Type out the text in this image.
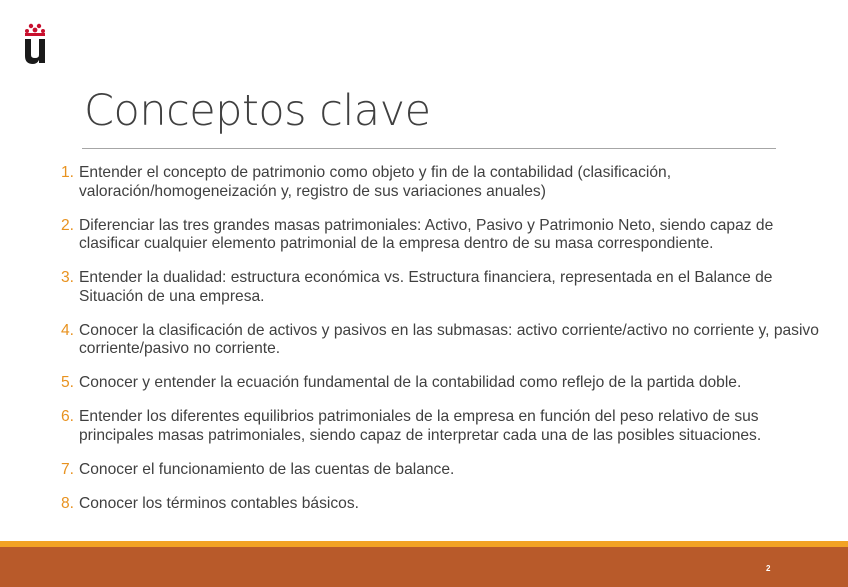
Conceptos clave
1. Entender el concepto de patrimonio como objeto y fin de la contabilidad (clasificación, valoración/homogeneización y, registro de sus variaciones anuales)
2. Diferenciar las tres grandes masas patrimoniales: Activo, Pasivo y Patrimonio Neto, siendo capaz de clasificar cualquier elemento patrimonial de la empresa dentro de su masa correspondiente.
3. Entender la dualidad: estructura económica vs. Estructura financiera, representada en el Balance de Situación de una empresa.
4. Conocer la clasificación de activos y pasivos en las submasas: activo corriente/activo no corriente y, pasivo corriente/pasivo no corriente.
5. Conocer y entender la ecuación fundamental de la contabilidad como reflejo de la partida doble.
6. Entender los diferentes equilibrios patrimoniales de la empresa en función del peso relativo de sus principales masas patrimoniales, siendo capaz de interpretar cada una de las posibles situaciones.
7. Conocer el funcionamiento de las cuentas de balance.
8. Conocer los términos contables básicos.
2
